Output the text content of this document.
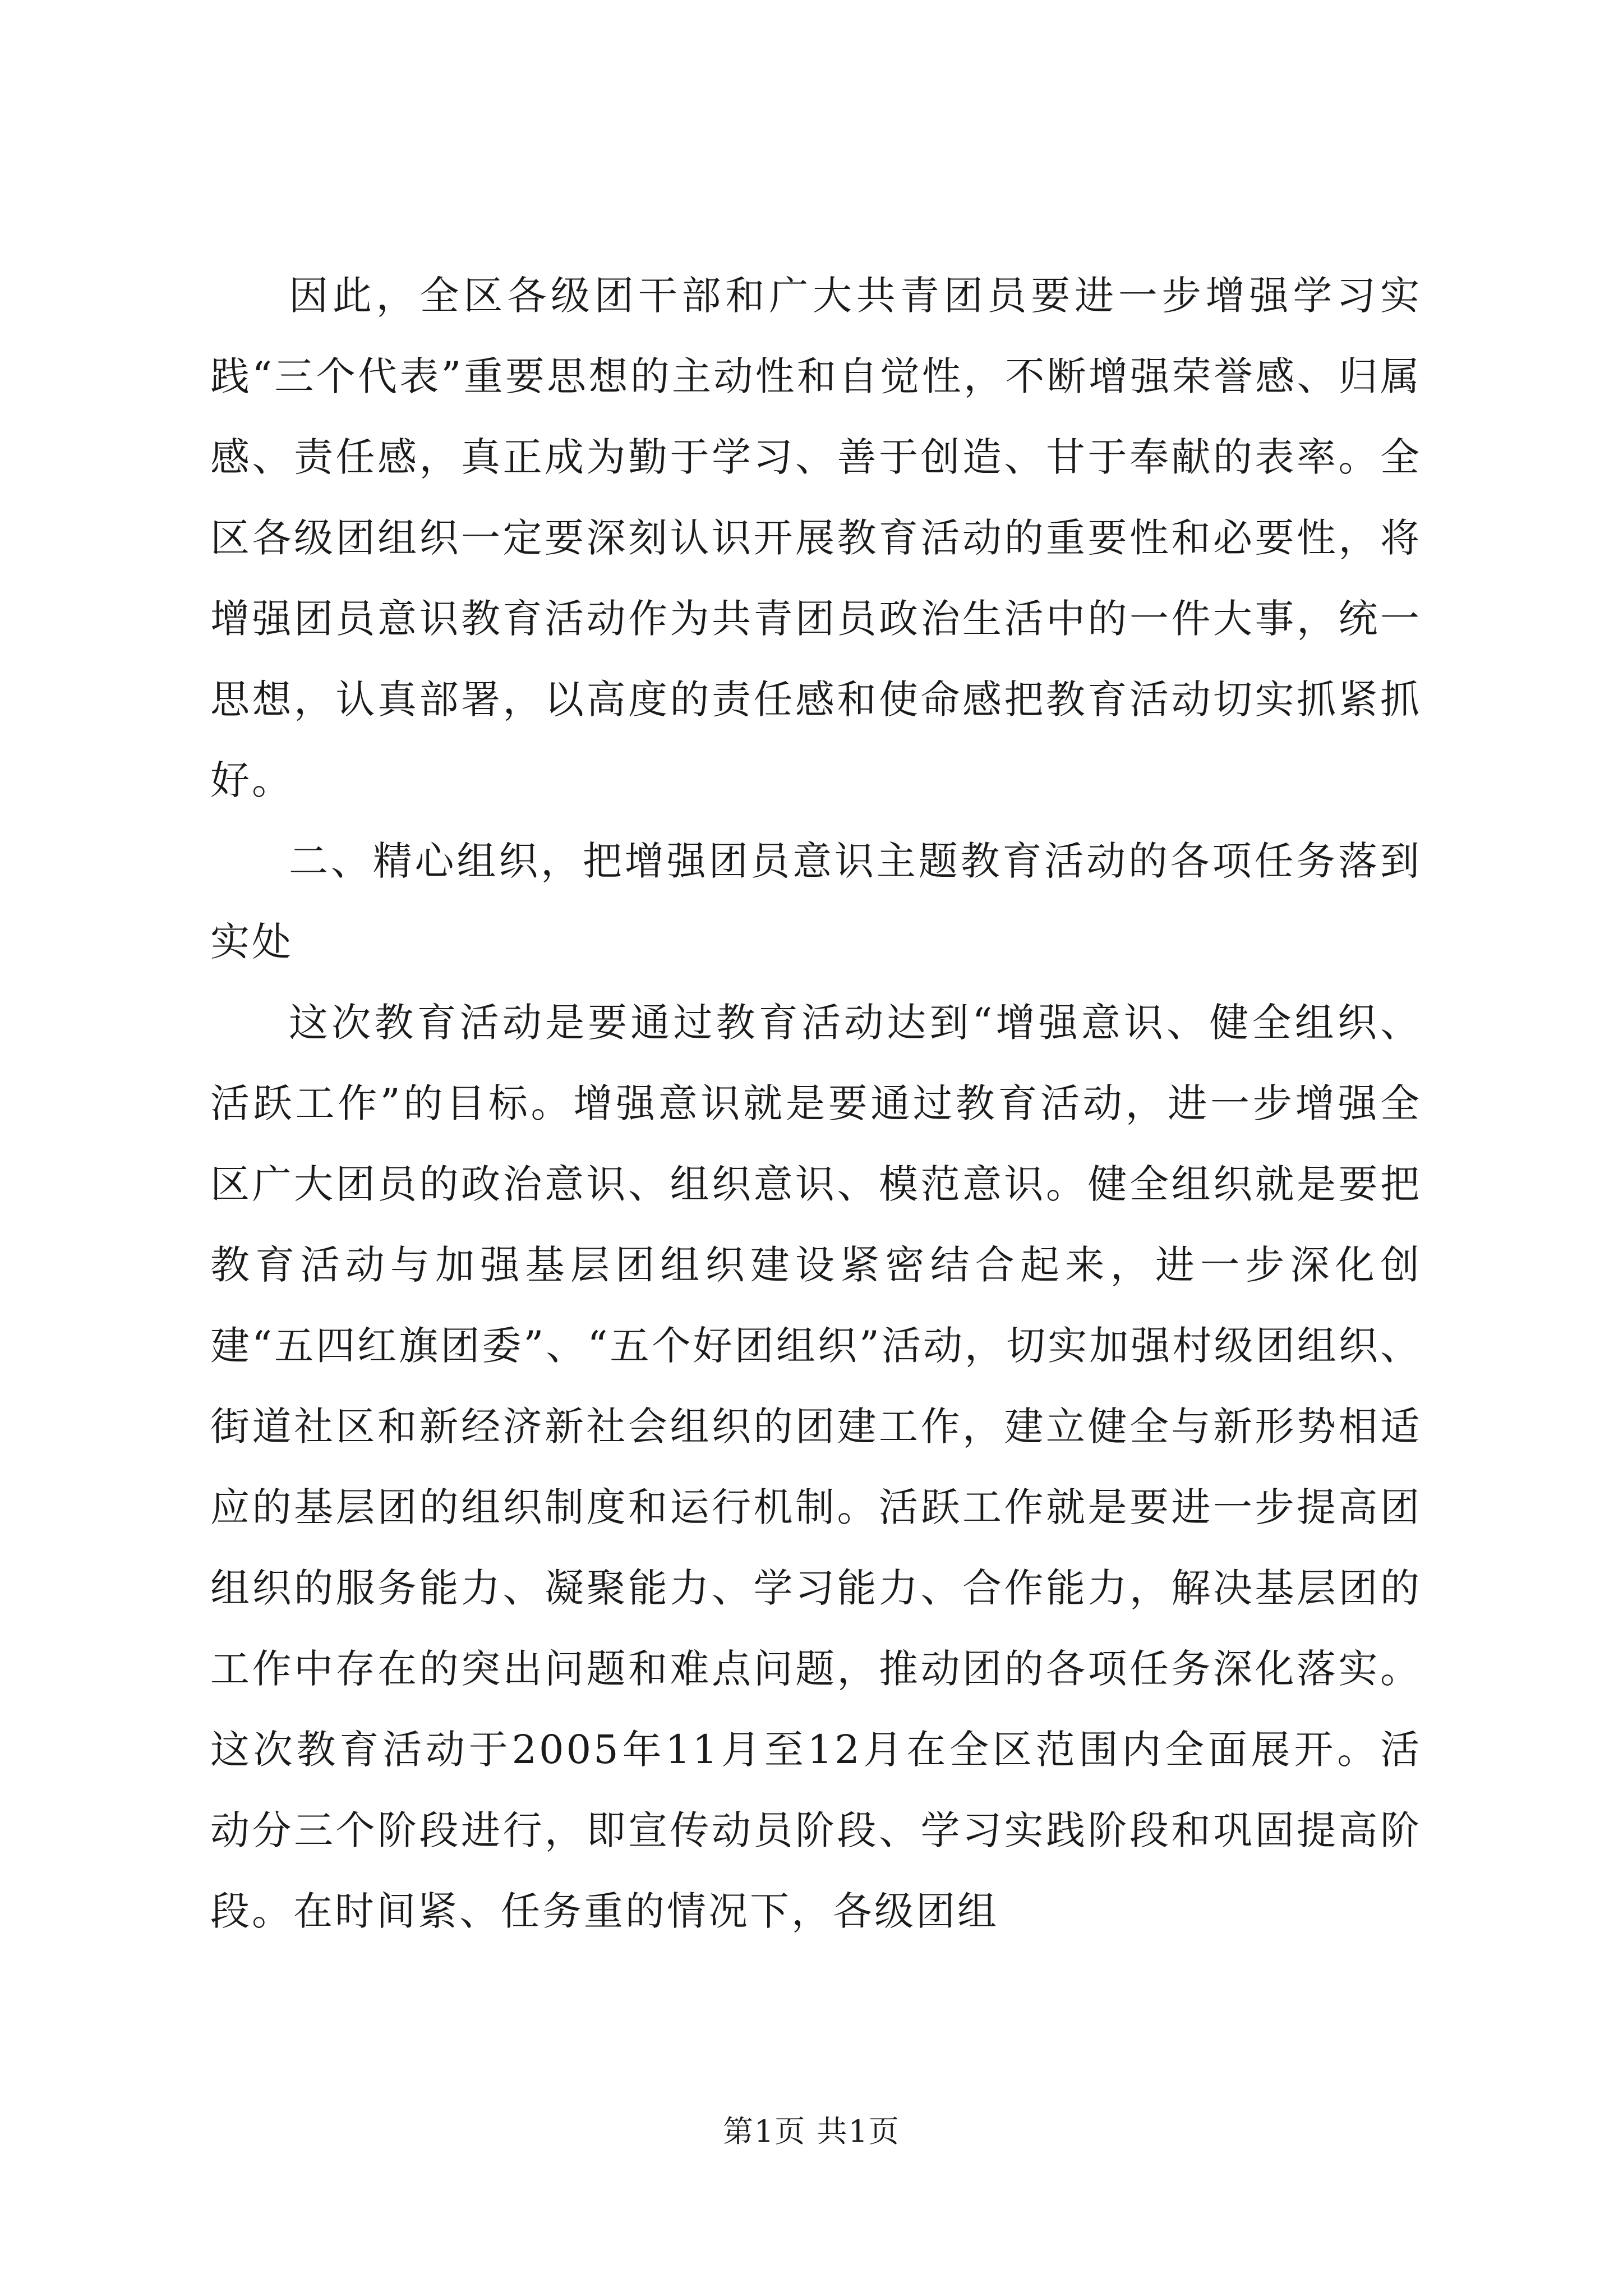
因此，全区各级团干部和广大共青团员要进一步增强学习实践“三个代表”重要思想的主动性和自觉性，不断增强荣誉感、归属感、责任感，真正成为勤于学习、善于创造、甘于奉献的表率。全区各级团组织一定要深刻认识开展教育活动的重要性和必要性，将增强团员意识教育活动作为共青团员政治生活中的一件大事，统一思想，认真部署，以高度的责任感和使命感把教育活动切实抓紧抓好。

二、精心组织，把增强团员意识主题教育活动的各项任务落到实处

这次教育活动是要通过教育活动达到“增强意识、健全组织、活跃工作”的目标。增强意识就是要通过教育活动，进一步增强全区广大团员的政治意识、组织意识、模范意识。健全组织就是要把教育活动与加强基层团组织建设紧密结合起来，进一步深化创建“五四红旗团委”、“五个好团组织”活动，切实加强村级团组织、街道社区和新经济新社会组织的团建工作，建立健全与新形势相适应的基层团的组织制度和运行机制。活跃工作就是要进一步提高团组织的服务能力、凝聚能力、学习能力、合作能力，解决基层团的工作中存在的突出问题和难点问题，推动团的各项任务深化落实。这次教育活动于2005年11月至12月在全区范围内全面展开。活动分三个阶段进行，即宣传动员阶段、学习实践阶段和巩固提高阶段。在时间紧、任务重的情况下，各级团组

第1页 共1页
